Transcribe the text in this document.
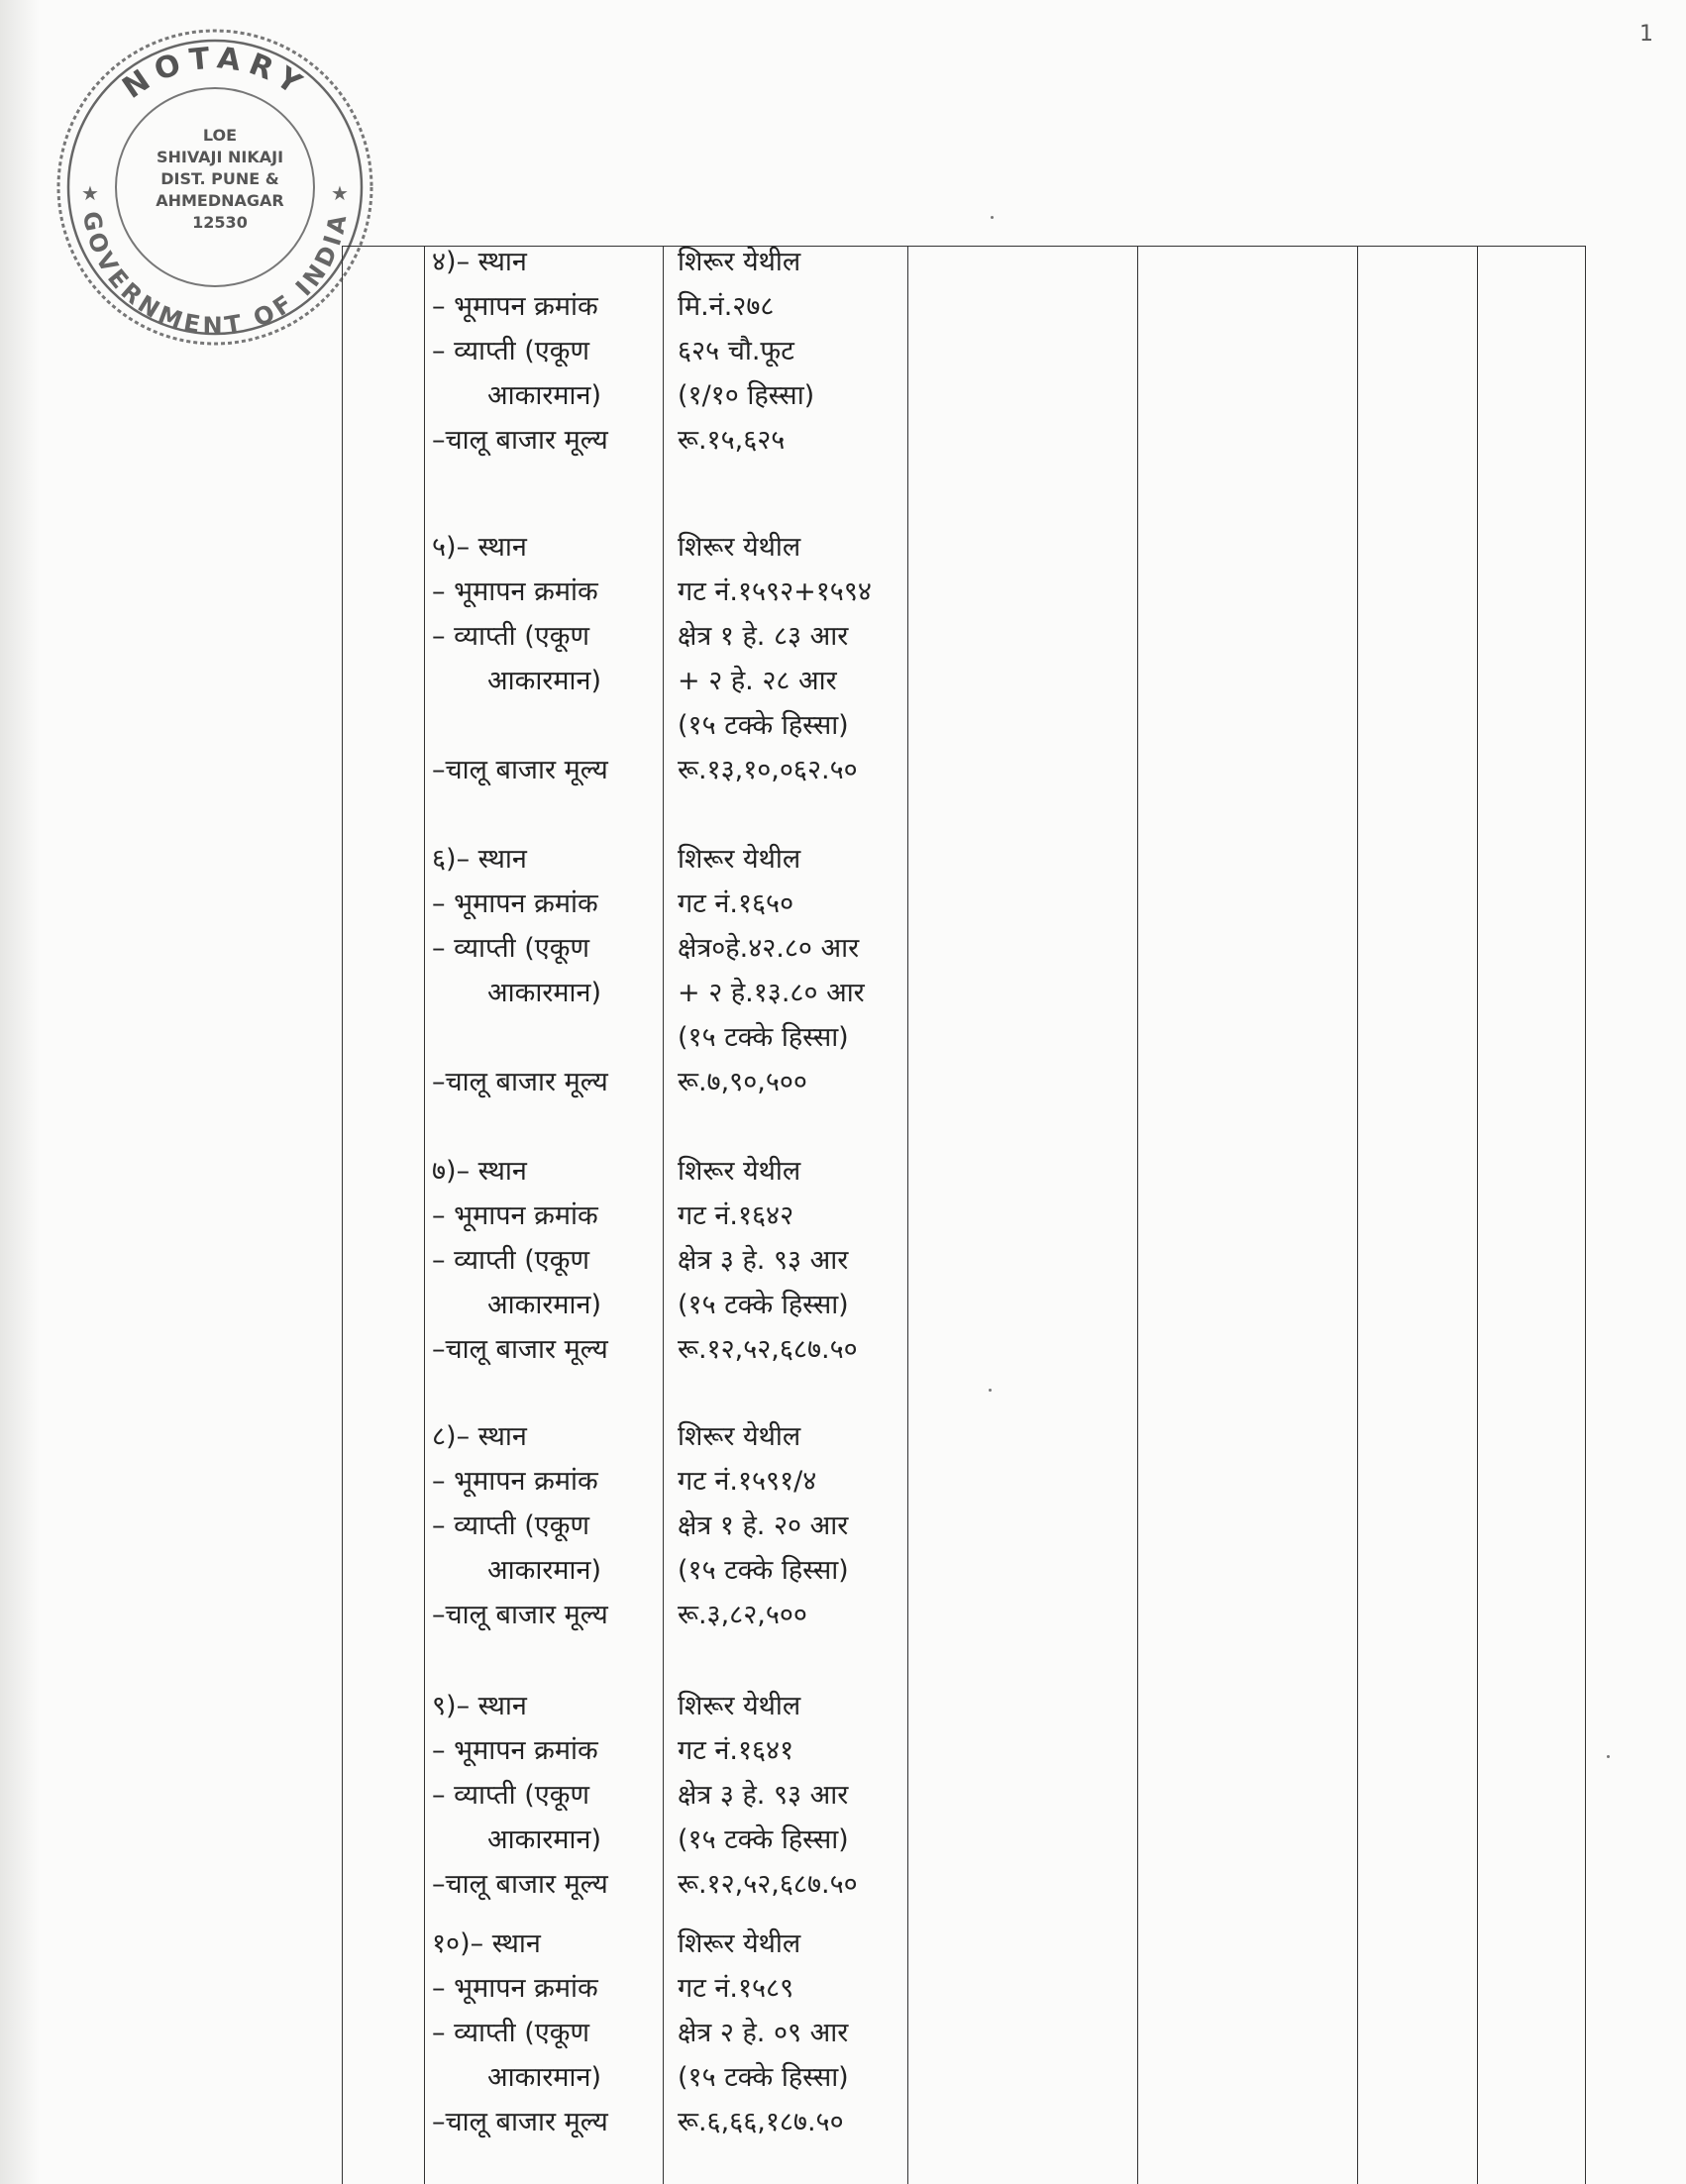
1
NOTARY
GOVERNMENT OF INDIA
★	★
LOE
SHIVAJI NIKAJI
DIST. PUNE &
AHMEDNAGAR
12530
४)– स्थान
– भूमापन क्रमांक
– व्याप्ती (एकूण
आकारमान)
–चालू बाजार मूल्य
शिरूर येथील
मि.नं.२७८
६२५ चौ.फूट
(१/१० हिस्सा)
रू.१५,६२५
५)– स्थान
– भूमापन क्रमांक
– व्याप्ती (एकूण
आकारमान)
–चालू बाजार मूल्य
शिरूर येथील
गट नं.१५९२+१५९४
क्षेत्र १ हे. ८३ आर
+ २ हे. २८ आर
(१५ टक्के हिस्सा)
रू.१३,१०,०६२.५०
६)– स्थान
– भूमापन क्रमांक
– व्याप्ती (एकूण
आकारमान)
–चालू बाजार मूल्य
शिरूर येथील
गट नं.१६५०
क्षेत्र०हे.४२.८० आर
+ २ हे.१३.८० आर
(१५ टक्के हिस्सा)
रू.७,९०,५००
७)– स्थान
– भूमापन क्रमांक
– व्याप्ती (एकूण
आकारमान)
–चालू बाजार मूल्य
शिरूर येथील
गट नं.१६४२
क्षेत्र ३ हे. ९३ आर
(१५ टक्के हिस्सा)
रू.१२,५२,६८७.५०
८)– स्थान
– भूमापन क्रमांक
– व्याप्ती (एकूण
आकारमान)
–चालू बाजार मूल्य
शिरूर येथील
गट नं.१५९१/४
क्षेत्र १ हे. २० आर
(१५ टक्के हिस्सा)
रू.३,८२,५००
९)– स्थान
– भूमापन क्रमांक
– व्याप्ती (एकूण
आकारमान)
–चालू बाजार मूल्य
शिरूर येथील
गट नं.१६४१
क्षेत्र ३ हे. ९३ आर
(१५ टक्के हिस्सा)
रू.१२,५२,६८७.५०
१०)– स्थान
– भूमापन क्रमांक
– व्याप्ती (एकूण
आकारमान)
–चालू बाजार मूल्य
शिरूर येथील
गट नं.१५८९
क्षेत्र २ हे. ०९ आर
(१५ टक्के हिस्सा)
रू.६,६६,१८७.५०
